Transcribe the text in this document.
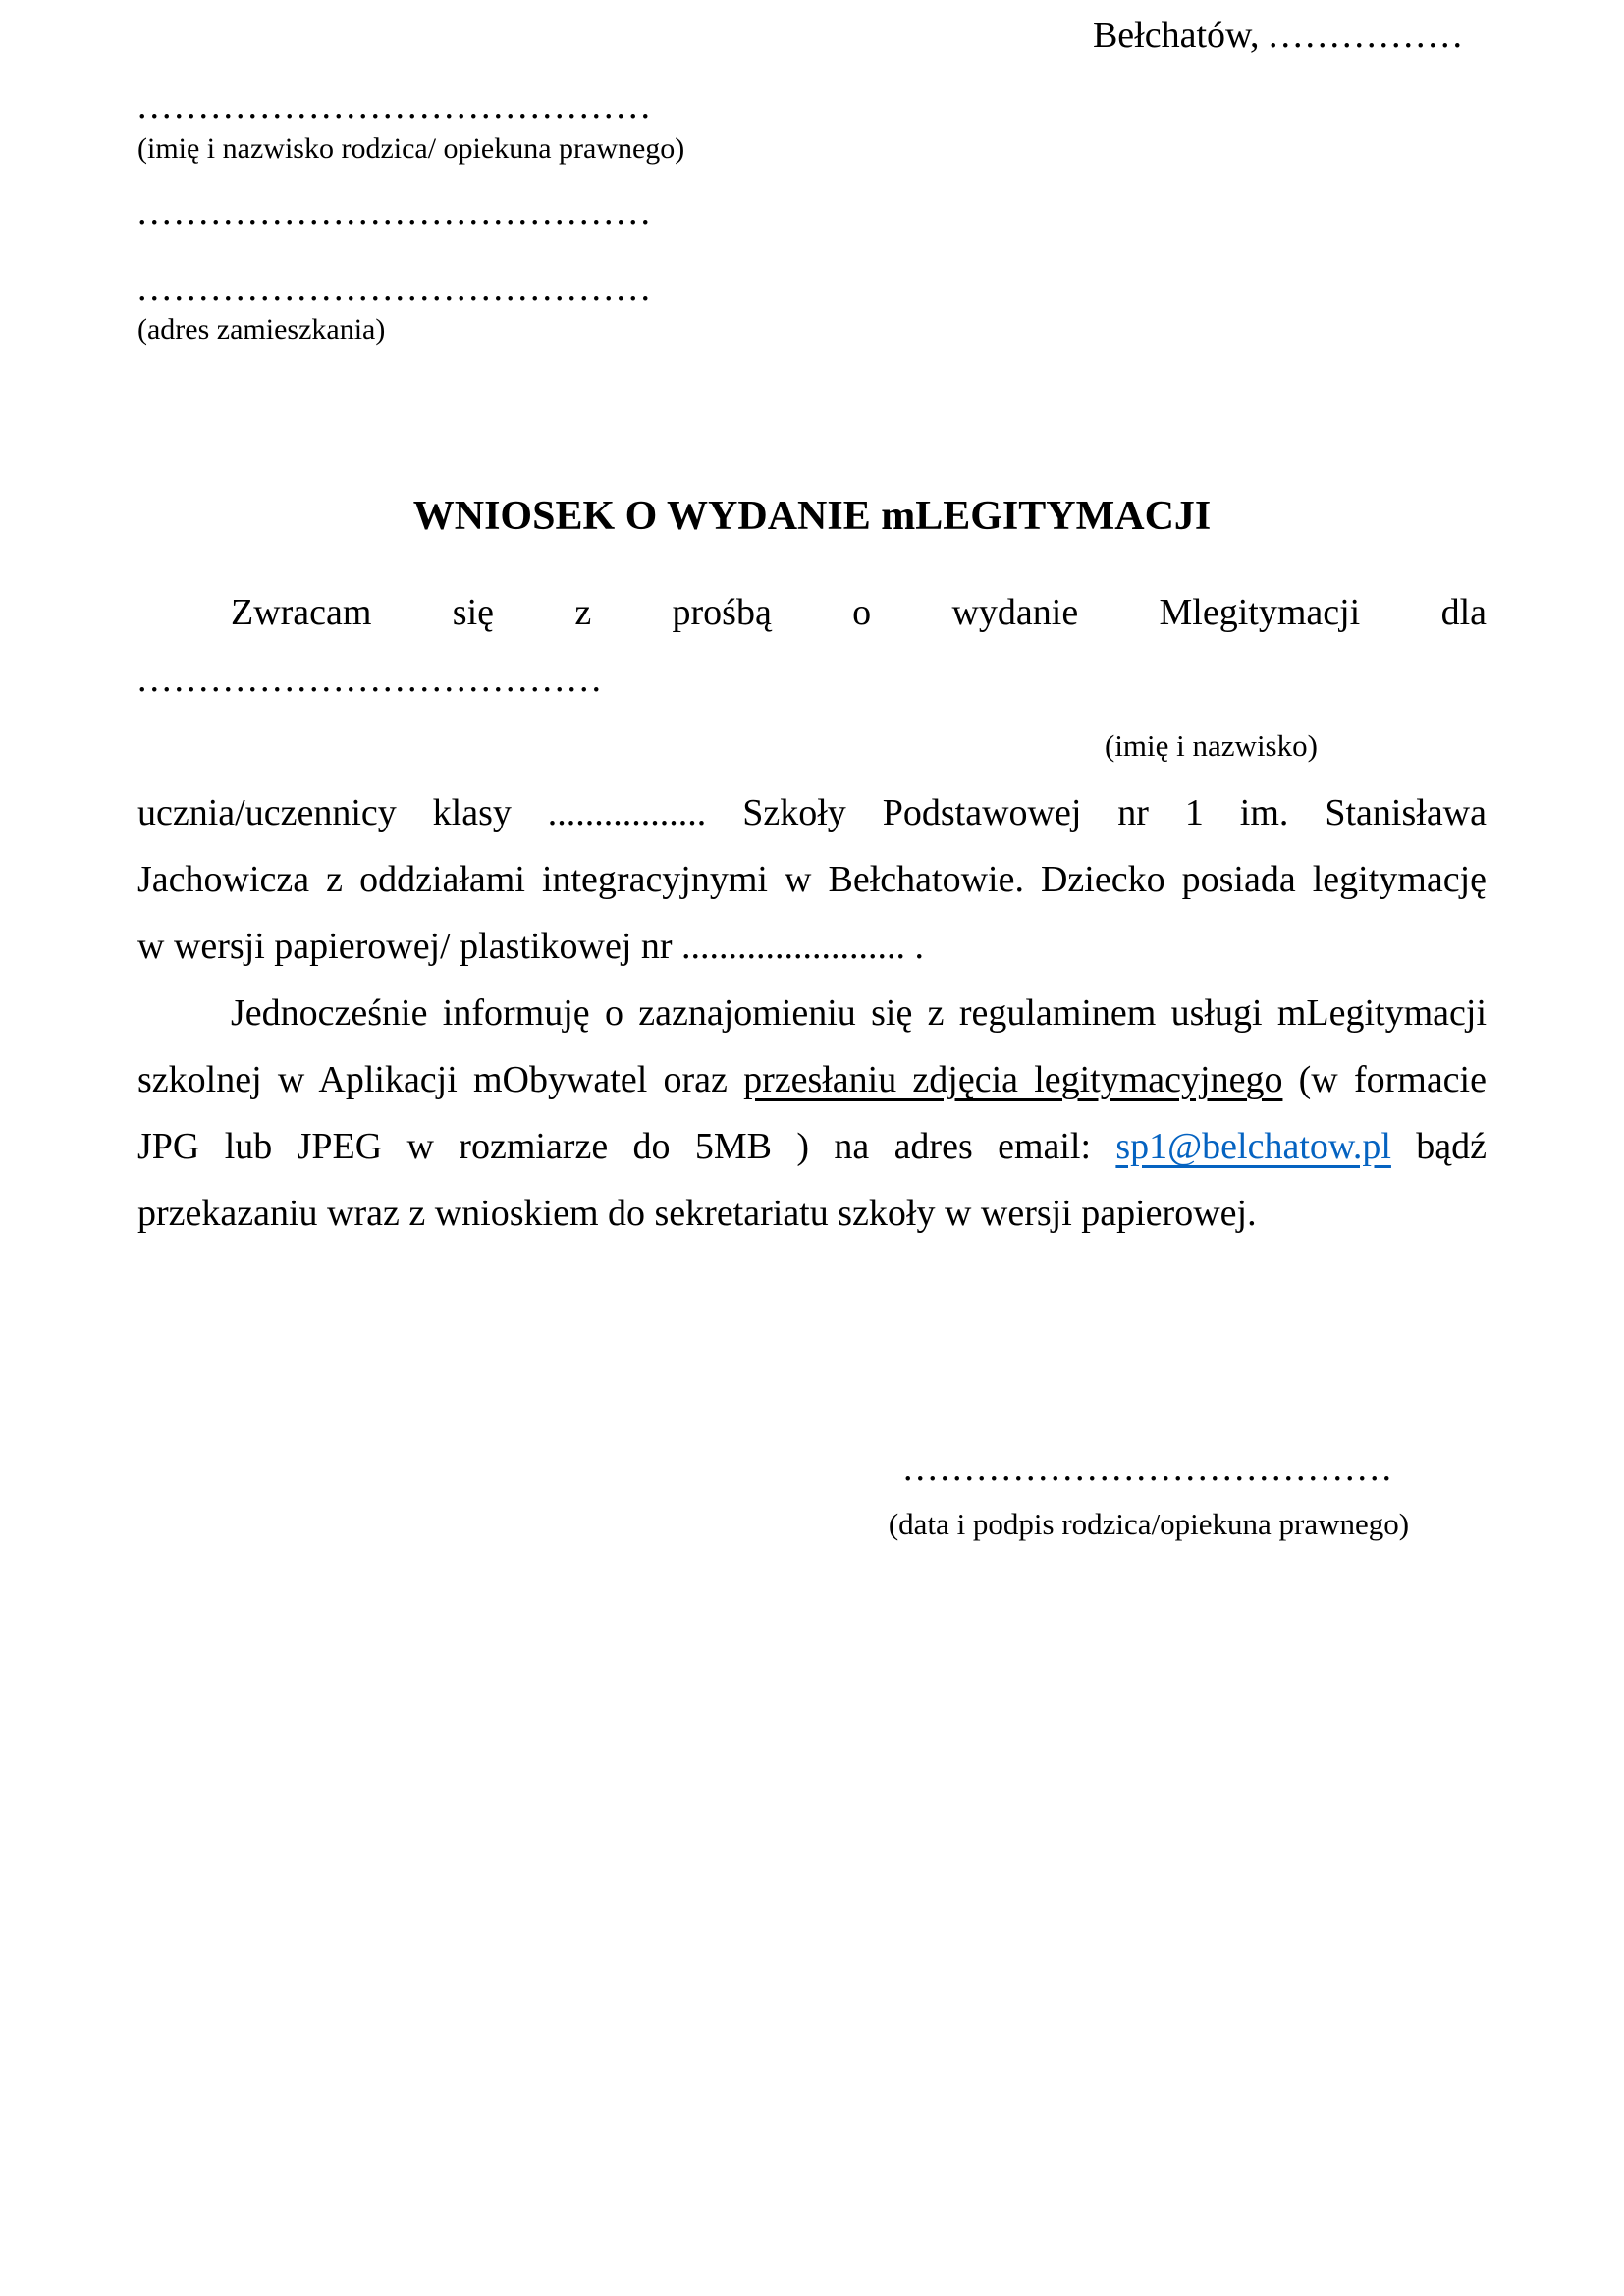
Bełchatów, ................
..........................................
(imię i nazwisko rodzica/ opiekuna prawnego)
..........................................
..........................................
(adres zamieszkania)
WNIOSEK O WYDANIE mLEGITYMACJI
Zwracam się z prośbą o wydanie Mlegitymacji dla
......................................
(imię i nazwisko)
ucznia/uczennicy klasy ................. Szkoły Podstawowej nr 1 im. Stanisława
Jachowicza z oddziałami integracyjnymi w Bełchatowie. Dziecko posiada legitymację
w wersji papierowej/ plastikowej nr ........................ .
Jednocześnie informuję o zaznajomieniu się z regulaminem usługi mLegitymacji
szkolnej w Aplikacji mObywatel oraz przesłaniu zdjęcia legitymacyjnego (w formacie
JPG lub JPEG w rozmiarze do 5MB ) na adres email: sp1@belchatow.pl bądź
przekazaniu wraz z wnioskiem do sekretariatu szkoły w wersji papierowej.
........................................
(data i podpis rodzica/opiekuna prawnego)
